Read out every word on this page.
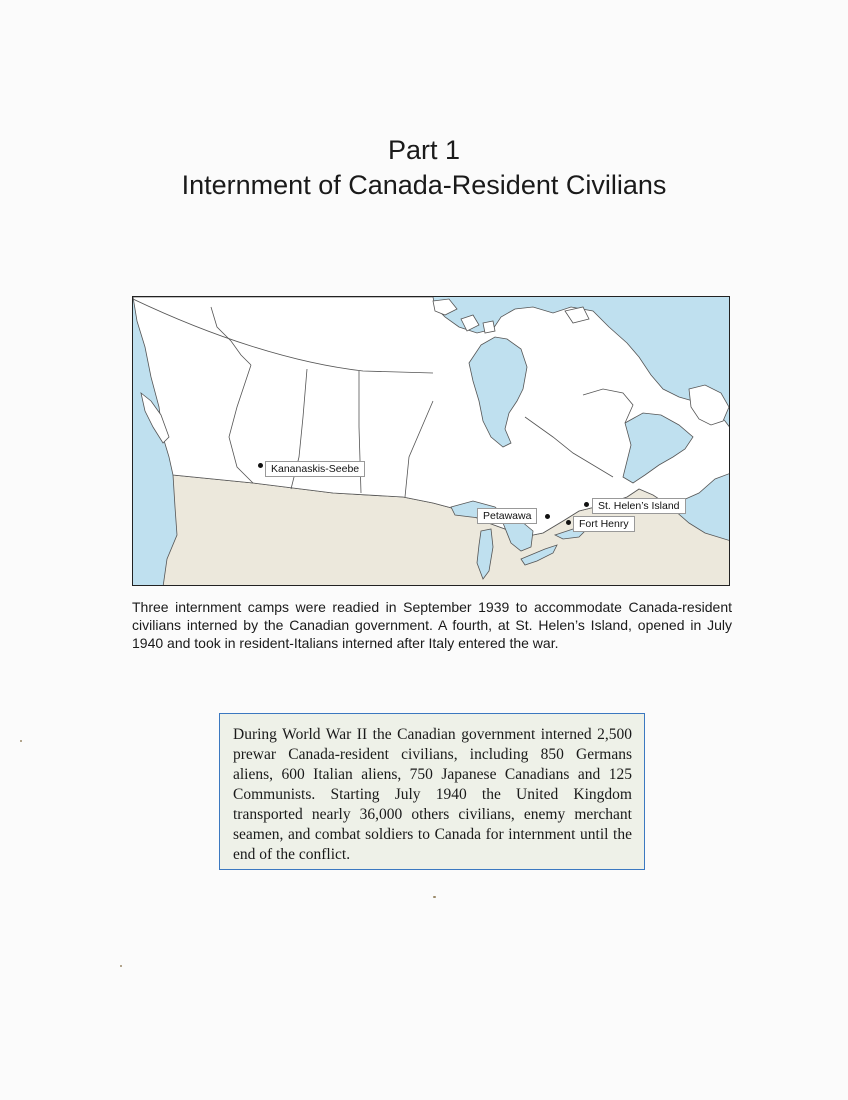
Part 1
Internment of Canada-Resident Civilians
Kananaskis-Seebe
Petawawa
St. Helen’s Island
Fort Henry
Three internment camps were readied in September 1939 to accommodate Canada-resident civilians interned by the Canadian government. A fourth, at St. Helen’s Island, opened in July 1940 and took in resident-Italians interned after Italy entered the war.
During World War II the Canadian government interned 2,500 prewar Canada-resident civilians, including 850 Germans aliens, 600 Italian aliens, 750 Japanese Canadians and 125 Communists. Starting July 1940 the United Kingdom transported nearly 36,000 others civilians, enemy merchant seamen, and combat soldiers to Canada for internment until the end of the conflict.
